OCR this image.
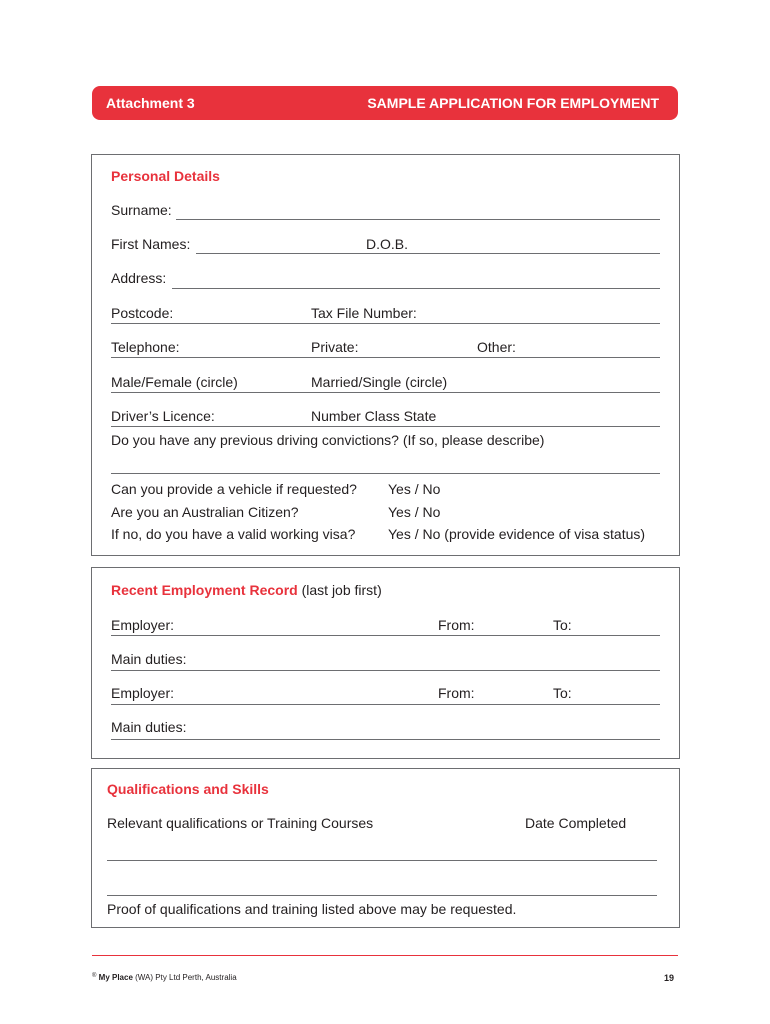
Attachment 3	SAMPLE APPLICATION FOR EMPLOYMENT
Personal Details
Surname:
First Names:	D.O.B.
Address:
Postcode:	Tax File Number:
Telephone:	Private:	Other:
Male/Female (circle)	Married/Single (circle)
Driver’s Licence:	Number Class State
Do you have any previous driving convictions? (If so, please describe)
Can you provide a vehicle if requested? Yes / No
Are you an Australian Citizen?	Yes / No
If no, do you have a valid working visa? Yes / No (provide evidence of visa status)
Recent Employment Record (last job first)
Employer:	From:	To:
Main duties:
Employer:	From:	To:
Main duties:
Qualifications and Skills
Relevant qualifications or Training Courses	Date Completed
Proof of qualifications and training listed above may be requested.
® My Place (WA) Pty Ltd Perth, Australia	19
